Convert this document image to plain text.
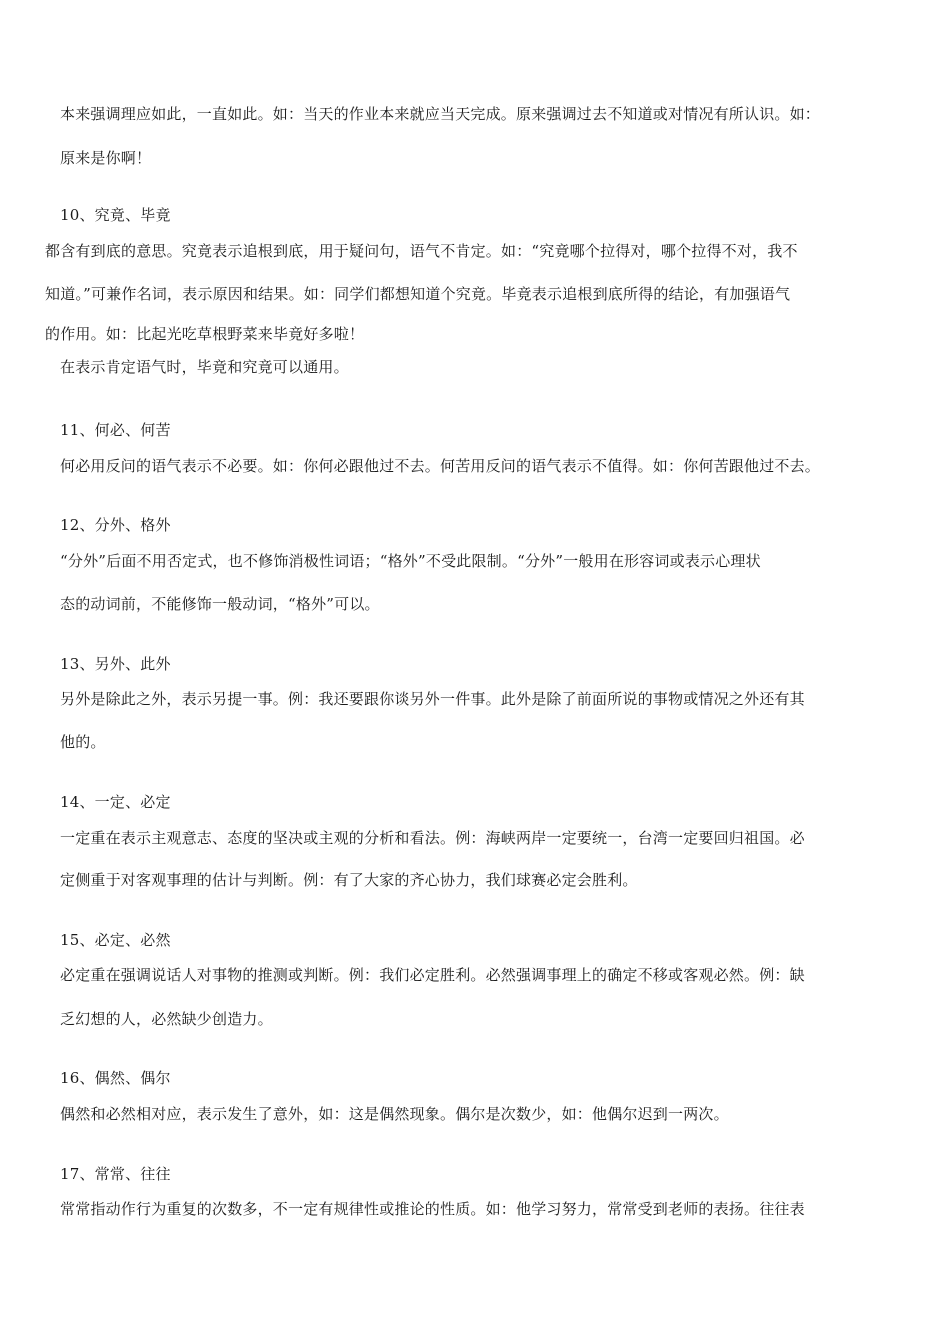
本来强调理应如此，一直如此。如：当天的作业本来就应当天完成。原来强调过去不知道或对情况有所认识。如：
原来是你啊！
10、究竟、毕竟
都含有到底的意思。究竟表示追根到底，用于疑问句，语气不肯定。如：“究竟哪个拉得对，哪个拉得不对，我不
知道。”可兼作名词，表示原因和结果。如：同学们都想知道个究竟。毕竟表示追根到底所得的结论，有加强语气
的作用。如：比起光吃草根野菜来毕竟好多啦！
在表示肯定语气时，毕竟和究竟可以通用。
11、何必、何苦
何必用反问的语气表示不必要。如：你何必跟他过不去。何苦用反问的语气表示不值得。如：你何苦跟他过不去。
12、分外、格外
“分外”后面不用否定式，也不修饰消极性词语；“格外”不受此限制。“分外”一般用在形容词或表示心理状
态的动词前，不能修饰一般动词，“格外”可以。
13、另外、此外
另外是除此之外，表示另提一事。例：我还要跟你谈另外一件事。此外是除了前面所说的事物或情况之外还有其
他的。
14、一定、必定
一定重在表示主观意志、态度的坚决或主观的分析和看法。例：海峡两岸一定要统一，台湾一定要回归祖国。必
定侧重于对客观事理的估计与判断。例：有了大家的齐心协力，我们球赛必定会胜利。
15、必定、必然
必定重在强调说话人对事物的推测或判断。例：我们必定胜利。必然强调事理上的确定不移或客观必然。例：缺
乏幻想的人，必然缺少创造力。
16、偶然、偶尔
偶然和必然相对应，表示发生了意外，如：这是偶然现象。偶尔是次数少，如：他偶尔迟到一两次。
17、常常、往往
常常指动作行为重复的次数多，不一定有规律性或推论的性质。如：他学习努力，常常受到老师的表扬。往往表
